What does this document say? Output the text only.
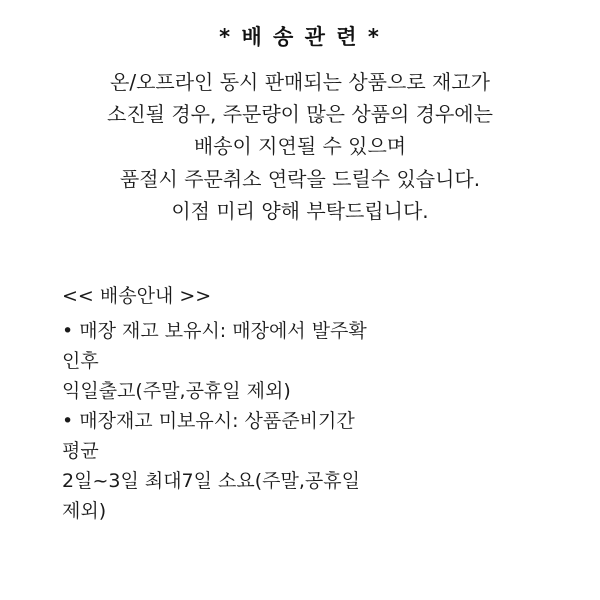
* 배 송 관 련 *
온/오프라인 동시 판매되는 상품으로 재고가
소진될 경우, 주문량이 많은 상품의 경우에는
배송이 지연될 수 있으며
품절시 주문취소 연락을 드릴수 있습니다.
이점 미리 양해 부탁드립니다.
<< 배송안내 >>
• 매장 재고 보유시: 매장에서 발주확
인후
익일출고(주말,공휴일 제외)
• 매장재고 미보유시: 상품준비기간
평균
2일~3일 최대7일 소요(주말,공휴일
제외)
